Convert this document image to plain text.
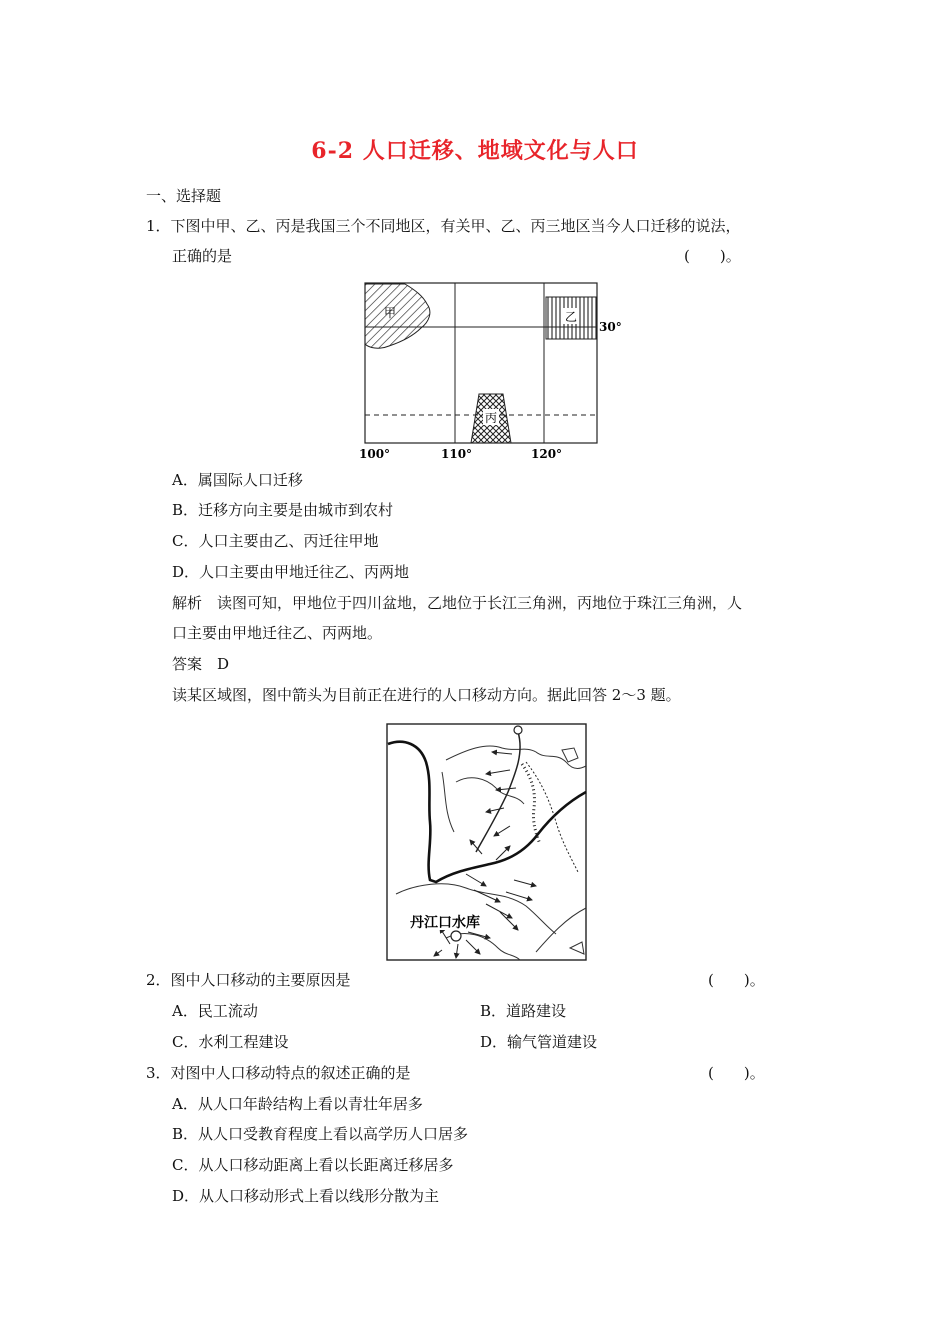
6-2 人口迁移、地域文化与人口
一、选择题
1．下图中甲、乙、丙是我国三个不同地区，有关甲、乙、丙三地区当今人口迁移的说法，
正确的是	(　　)。
甲	乙
丙
30°
100°	110°	120°
A．属国际人口迁移
B．迁移方向主要是由城市到农村
C．人口主要由乙、丙迁往甲地
D．人口主要由甲地迁往乙、丙两地
解析　读图可知，甲地位于四川盆地，乙地位于长江三角洲，丙地位于珠江三角洲，人
口主要由甲地迁往乙、丙两地。
答案　D
读某区域图，图中箭头为目前正在进行的人口移动方向。据此回答 2～3 题。
丹江口水库
2．图中人口移动的主要原因是	(　　)。
A．民工流动	B．道路建设
C．水利工程建设	D．输气管道建设
3．对图中人口移动特点的叙述正确的是	(　　)。
A．从人口年龄结构上看以青壮年居多
B．从人口受教育程度上看以高学历人口居多
C．从人口移动距离上看以长距离迁移居多
D．从人口移动形式上看以线形分散为主
